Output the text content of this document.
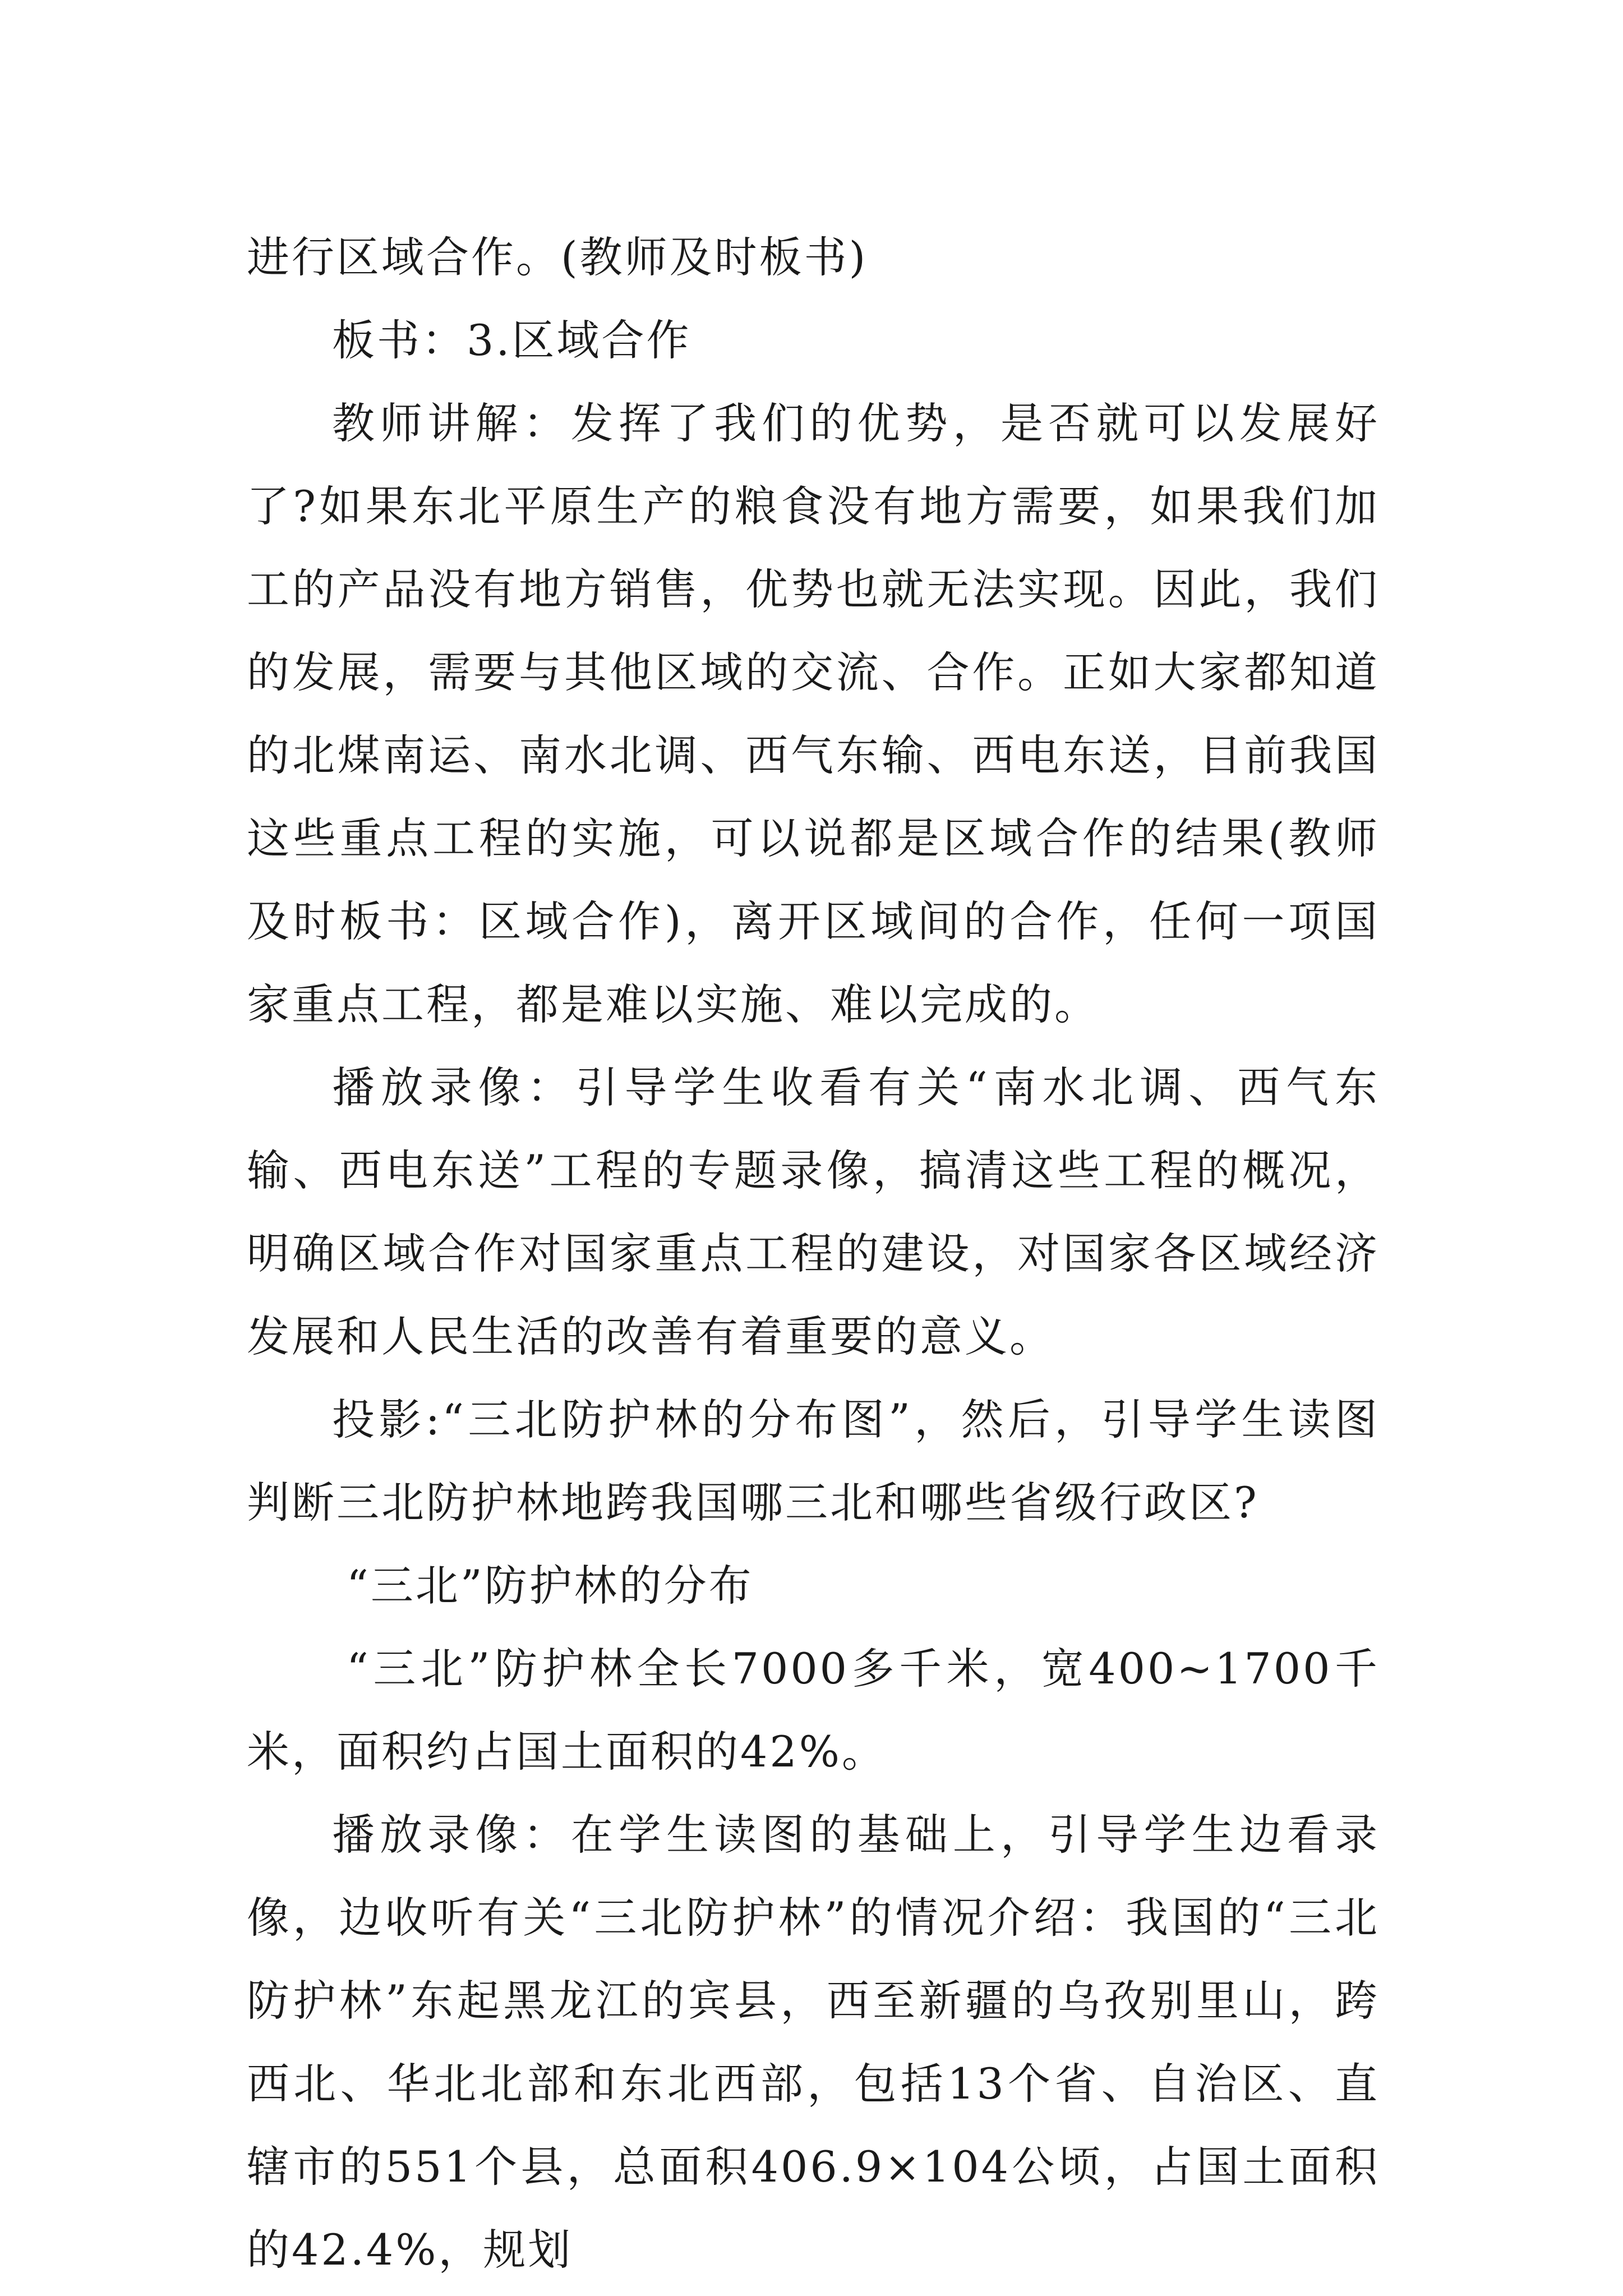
进行区域合作。(教师及时板书)

板书：3.区域合作

教师讲解：发挥了我们的优势，是否就可以发展好了?如果东北平原生产的粮食没有地方需要，如果我们加工的产品没有地方销售，优势也就无法实现。因此，我们的发展，需要与其他区域的交流、合作。正如大家都知道的北煤南运、南水北调、西气东输、西电东送，目前我国这些重点工程的实施，可以说都是区域合作的结果(教师及时板书：区域合作)，离开区域间的合作，任何一项国家重点工程，都是难以实施、难以完成的。

播放录像：引导学生收看有关“南水北调、西气东输、西电东送”工程的专题录像，搞清这些工程的概况，明确区域合作对国家重点工程的建设，对国家各区域经济发展和人民生活的改善有着重要的意义。

投影:“三北防护林的分布图”，然后，引导学生读图判断三北防护林地跨我国哪三北和哪些省级行政区?

“三北”防护林的分布

“三北”防护林全长7000多千米，宽400~1700千米，面积约占国土面积的42%。

播放录像：在学生读图的基础上，引导学生边看录像，边收听有关“三北防护林”的情况介绍：我国的“三北防护林”东起黑龙江的宾县，西至新疆的乌孜别里山，跨西北、华北北部和东北西部，包括13个省、自治区、直辖市的551个县，总面积406.9×104公顷，占国土面积的42.4%，规划
